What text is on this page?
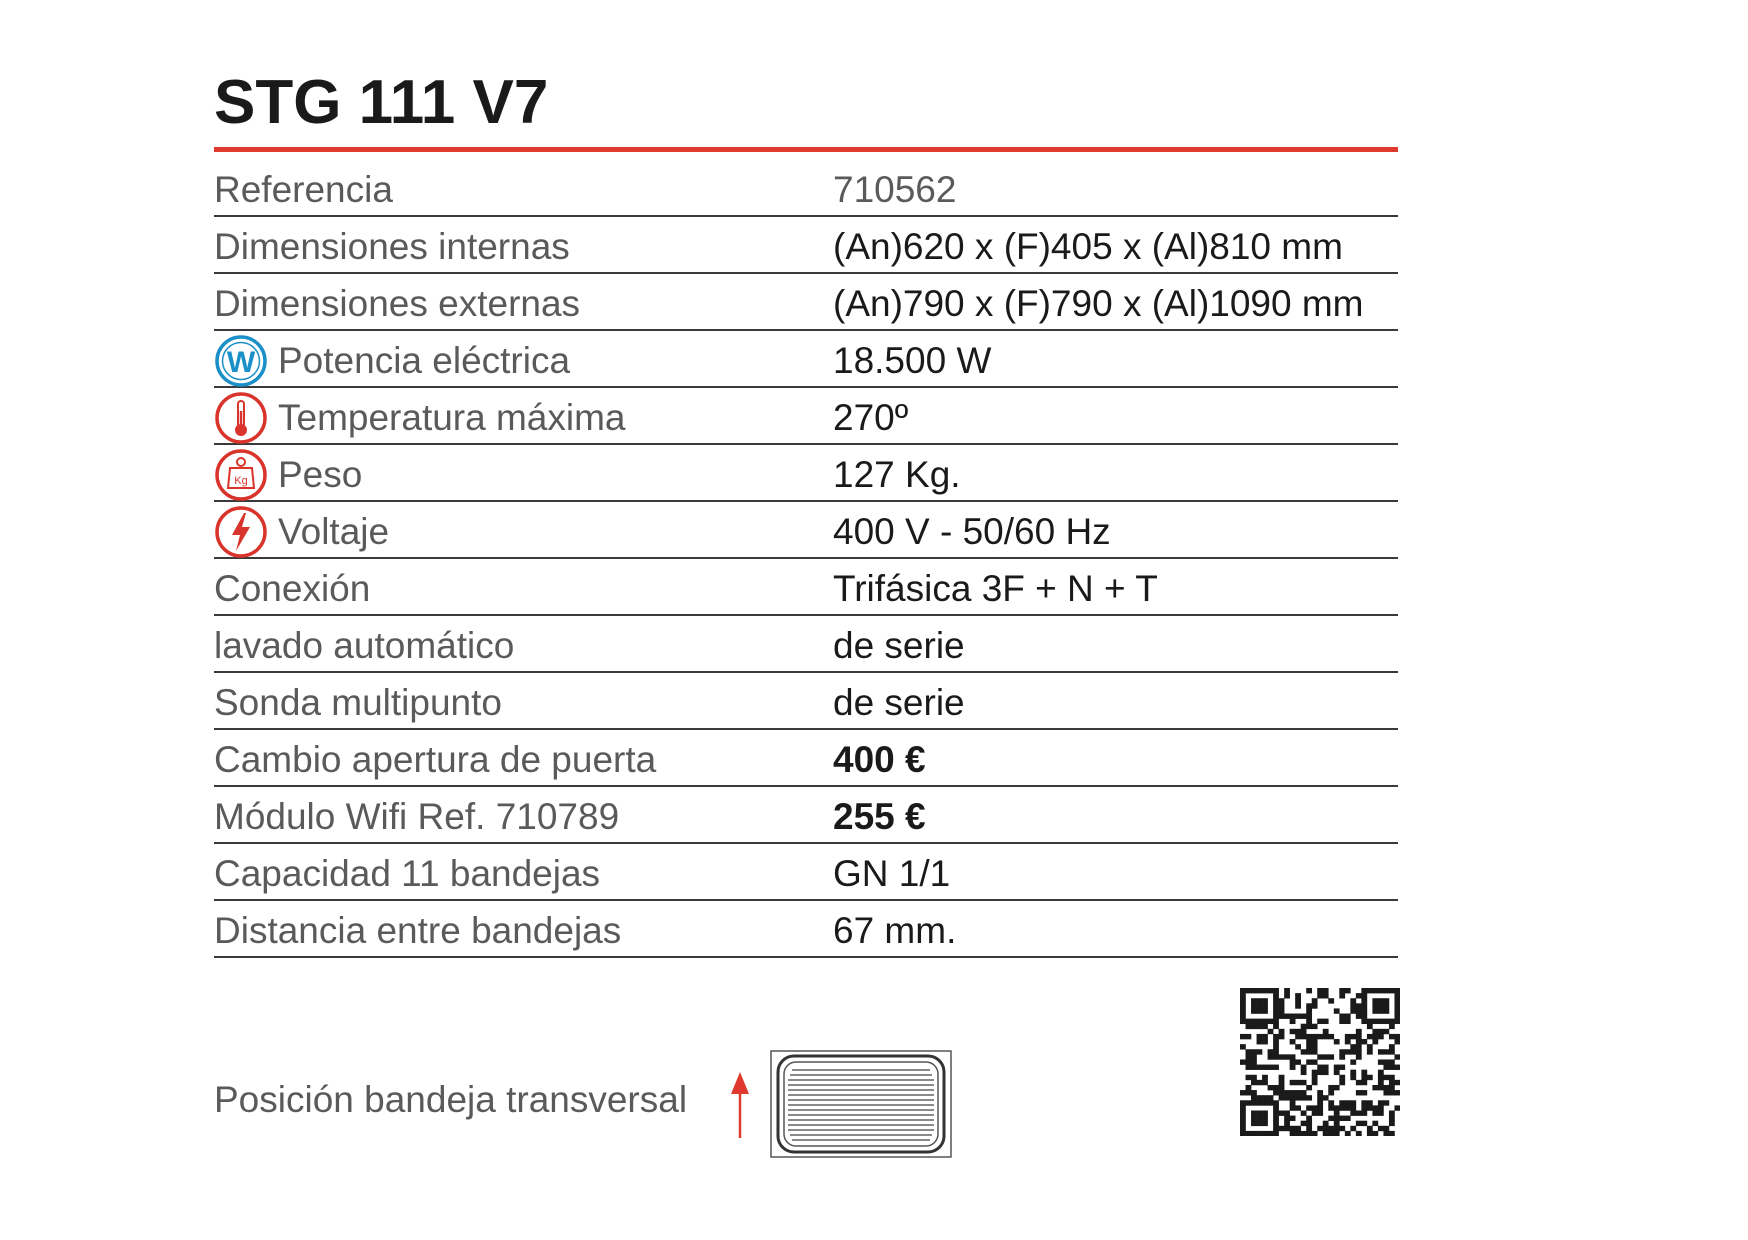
STG 111 V7
Referencia	710562
Dimensiones internas	(An)620 x (F)405 x (Al)810 mm
Dimensiones externas	(An)790 x (F)790 x (Al)1090 mm
W Potencia eléctrica	18.500 W
Temperatura máxima	270º
Kg Peso	127 Kg.
Voltaje	400 V - 50/60 Hz
Conexión	Trifásica 3F + N + T
lavado automático	de serie
Sonda multipunto	de serie
Cambio apertura de puerta	400 €
Módulo Wifi Ref. 710789	255 €
Capacidad 11 bandejas	GN 1/1
Distancia entre bandejas	67 mm.
Posición bandeja transversal
